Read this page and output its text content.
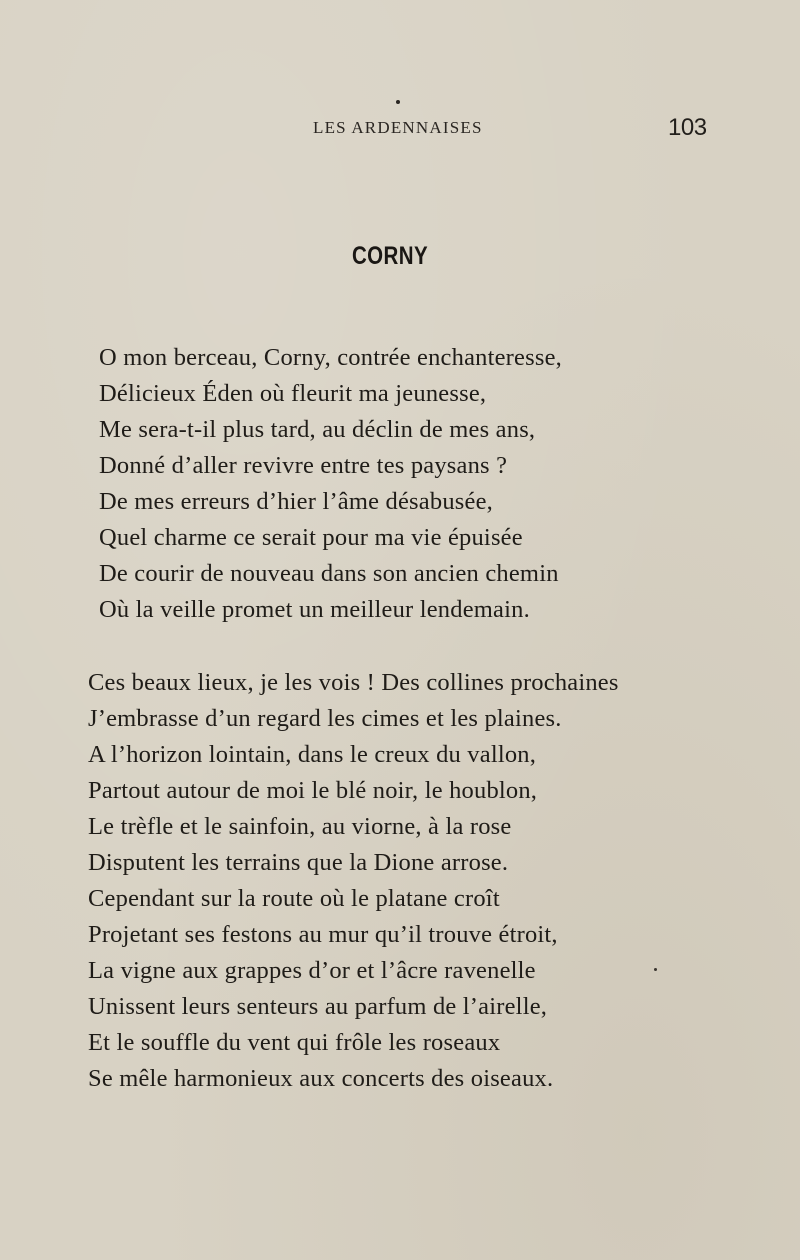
LES ARDENNAISES	103
CORNY
O mon berceau, Corny, contrée enchanteresse,
Délicieux Éden où fleurit ma jeunesse,
Me sera-t-il plus tard, au déclin de mes ans,
Donné d’aller revivre entre tes paysans ?
De mes erreurs d’hier l’âme désabusée,
Quel charme ce serait pour ma vie épuisée
De courir de nouveau dans son ancien chemin
Où la veille promet un meilleur lendemain.
Ces beaux lieux, je les vois ! Des collines prochaines
J’embrasse d’un regard les cimes et les plaines.
A l’horizon lointain, dans le creux du vallon,
Partout autour de moi le blé noir, le houblon,
Le trèfle et le sainfoin, au viorne, à la rose
Disputent les terrains que la Dione arrose.
Cependant sur la route où le platane croît
Projetant ses festons au mur qu’il trouve étroit,
La vigne aux grappes d’or et l’âcre ravenelle
Unissent leurs senteurs au parfum de l’airelle,
Et le souffle du vent qui frôle les roseaux
Se mêle harmonieux aux concerts des oiseaux.
